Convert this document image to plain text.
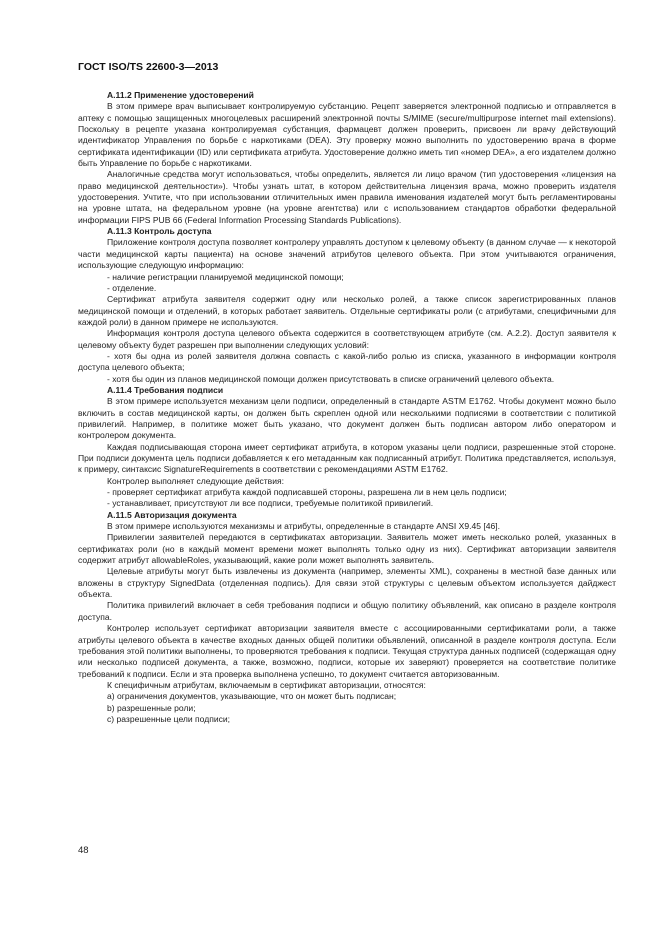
ГОСТ ISO/TS 22600-3—2013

A.11.2 Применение удостоверений

В этом примере врач выписывает контролируемую субстанцию. Рецепт заверяется электронной подписью и отправляется в аптеку с помощью защищенных многоцелевых расширений электронной почты S/MIME (secure/multipurpose internet mail extensions). Поскольку в рецепте указана контролируемая субстанция, фармацевт должен проверить, присвоен ли врачу действующий идентификатор Управления по борьбе с наркотиками (DEA). Эту проверку можно выполнить по удостоверению врача в форме сертификата идентификации (ID) или сертификата атрибута. Удостоверение должно иметь тип «номер DEA», а его издателем должно быть Управление по борьбе с наркотиками.

Аналогичные средства могут использоваться, чтобы определить, является ли лицо врачом (тип удостоверения «лицензия на право медицинской деятельности»). Чтобы узнать штат, в котором действительна лицензия врача, можно проверить издателя удостоверения. Учтите, что при использовании отличительных имен правила именования издателей могут быть регламентированы на уровне штата, на федеральном уровне (на уровне агентства) или с использованием стандартов обработки федеральной информации FIPS PUB 66 (Federal Information Processing Standards Publications).

A.11.3 Контроль доступа

Приложение контроля доступа позволяет контролеру управлять доступом к целевому объекту (в данном случае — к некоторой части медицинской карты пациента) на основе значений атрибутов целевого объекта. При этом учитываются ограничения, использующие следующую информацию:

- наличие регистрации планируемой медицинской помощи;

- отделение.

Сертификат атрибута заявителя содержит одну или несколько ролей, а также список зарегистрированных планов медицинской помощи и отделений, в которых работает заявитель. Отдельные сертификаты роли (с атрибутами, специфичными для каждой роли) в данном примере не используются.

Информация контроля доступа целевого объекта содержится в соответствующем атрибуте (см. А.2.2). Доступ заявителя к целевому объекту будет разрешен при выполнении следующих условий:

- хотя бы одна из ролей заявителя должна совпасть с какой-либо ролью из списка, указанного в информации контроля доступа целевого объекта;

- хотя бы один из планов медицинской помощи должен присутствовать в списке ограничений целевого объекта.

A.11.4 Требования подписи

В этом примере используется механизм цели подписи, определенный в стандарте ASTM E1762. Чтобы документ можно было включить в состав медицинской карты, он должен быть скреплен одной или несколькими подписями в соответствии с политикой привилегий. Например, в политике может быть указано, что документ должен быть подписан автором либо оператором и контролером документа.

Каждая подписывающая сторона имеет сертификат атрибута, в котором указаны цели подписи, разрешенные этой стороне. При подписи документа цель подписи добавляется к его метаданным как подписанный атрибут. Политика представляется, используя, к примеру, синтаксис SignatureRequirements в соответствии с рекомендациями ASTM E1762.

Контролер выполняет следующие действия:

- проверяет сертификат атрибута каждой подписавшей стороны, разрешена ли в нем цель подписи;

- устанавливает, присутствуют ли все подписи, требуемые политикой привилегий.

A.11.5 Авторизация документа

В этом примере используются механизмы и атрибуты, определенные в стандарте ANSI X9.45 [46].

Привилегии заявителей передаются в сертификатах авторизации. Заявитель может иметь несколько ролей, указанных в сертификатах роли (но в каждый момент времени может выполнять только одну из них). Сертификат авторизации заявителя содержит атрибут allowableRoles, указывающий, какие роли может выполнять заявитель.

Целевые атрибуты могут быть извлечены из документа (например, элементы XML), сохранены в местной базе данных или вложены в структуру SignedData (отделенная подпись). Для связи этой структуры с целевым объектом используется дайджест объекта.

Политика привилегий включает в себя требования подписи и общую политику объявлений, как описано в разделе контроля доступа.

Контролер использует сертификат авторизации заявителя вместе с ассоциированными сертификатами роли, а также атрибуты целевого объекта в качестве входных данных общей политики объявлений, описанной в разделе контроля доступа. Если требования этой политики выполнены, то проверяются требования к подписи. Текущая структура данных подписей (содержащая одну или несколько подписей документа, а также, возможно, подписи, которые их заверяют) проверяется на соответствие политике требований к подписи. Если и эта проверка выполнена успешно, то документ считается авторизованным.

К специфичным атрибутам, включаемым в сертификат авторизации, относятся:

a) ограничения документов, указывающие, что он может быть подписан;

b) разрешенные роли;

c) разрешенные цели подписи;

48
